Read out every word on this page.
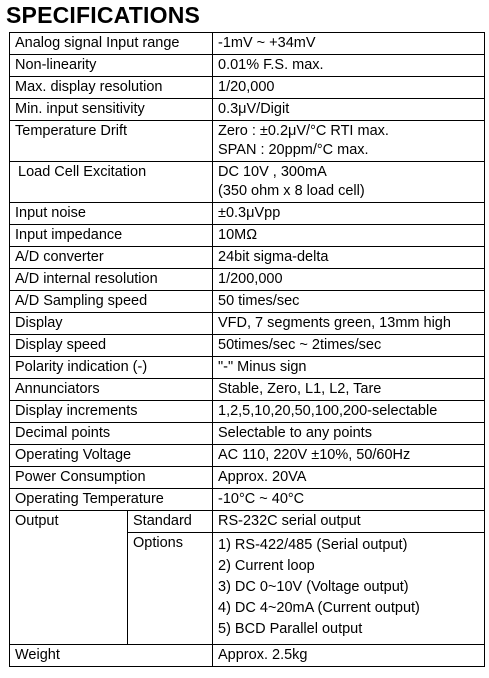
SPECIFICATIONS
Analog signal Input range		-1mV ~ +34mV
Non-linearity		0.01% F.S. max.
Max. display resolution		1/20,000
Min. input sensitivity		0.3μV/Digit
Temperature Drift		Zero : ±0.2μV/°C RTI max.
SPAN : 20ppm/°C max.

Load Cell Excitation		DC 10V , 300mA
(350 ohm x 8 load cell)

Input noise		±0.3μVpp
Input impedance		10MΩ
A/D converter		24bit sigma-delta
A/D internal resolution		1/200,000
A/D Sampling speed		50 times/sec
Display		VFD, 7 segments green, 13mm high
Display speed		50times/sec ~ 2times/sec
Polarity indication (-)		"-" Minus sign
Annunciators		Stable, Zero, L1, L2, Tare
Display increments		1,2,5,10,20,50,100,200-selectable
Decimal points		Selectable to any points
Operating Voltage		AC 110, 220V ±10%, 50/60Hz
Power Consumption		Approx. 20VA
Operating Temperature		-10°C ~ 40°C
Output	Standard	RS-232C serial output
	Options	1) RS-422/485 (Serial output)
2) Current loop
3) DC 0~10V (Voltage output)
4) DC 4~20mA (Current output)
5) BCD Parallel output

Weight		Approx. 2.5kg
